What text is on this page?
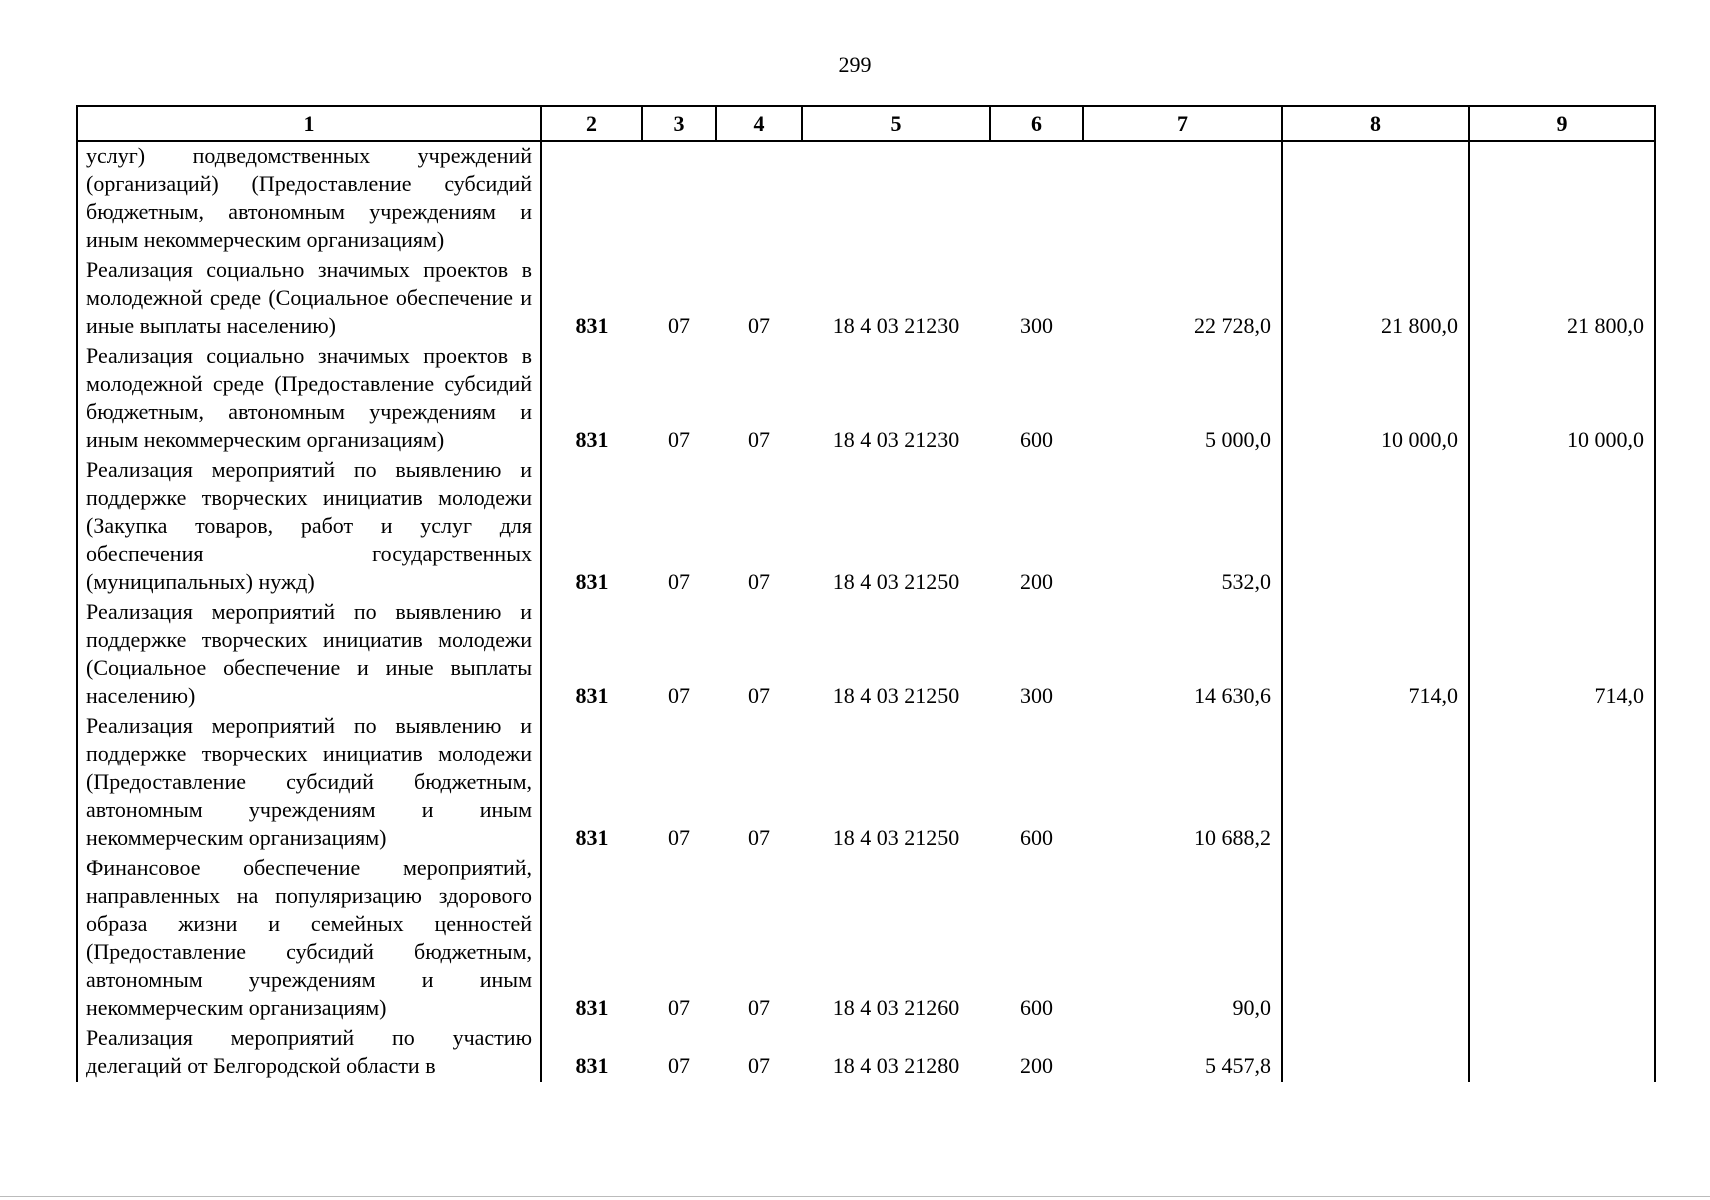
299
1	2	3	4	5	6	7	8	9
услуг) подведомственных учреждений (организаций) (Предоставление субсидий бюджетным, автономным учреждениям и иным некоммерческим организациям)								
Реализация социально значимых проектов в молодежной среде (Социальное обеспечение и иные выплаты населению)	831	07	07	18 4 03 21230	300	22 728,0	21 800,0	21 800,0
Реализация социально значимых проектов в молодежной среде (Предоставление субсидий бюджетным, автономным учреждениям и иным некоммерческим организациям)	831	07	07	18 4 03 21230	600	5 000,0	10 000,0	10 000,0
Реализация мероприятий по выявлению и поддержке творческих инициатив молодежи (Закупка товаров, работ и услуг для обеспечения государственных (муниципальных) нужд)	831	07	07	18 4 03 21250	200	532,0		
Реализация мероприятий по выявлению и поддержке творческих инициатив молодежи (Социальное обеспечение и иные выплаты населению)	831	07	07	18 4 03 21250	300	14 630,6	714,0	714,0
Реализация мероприятий по выявлению и поддержке творческих инициатив молодежи (Предоставление субсидий бюджетным, автономным учреждениям и иным некоммерческим организациям)	831	07	07	18 4 03 21250	600	10 688,2		
Финансовое обеспечение мероприятий, направленных на популяризацию здорового образа жизни и семейных ценностей (Предоставление субсидий бюджетным, автономным учреждениям и иным некоммерческим организациям)	831	07	07	18 4 03 21260	600	90,0		
Реализация мероприятий по участию делегаций от Белгородской области в	831	07	07	18 4 03 21280	200	5 457,8		
